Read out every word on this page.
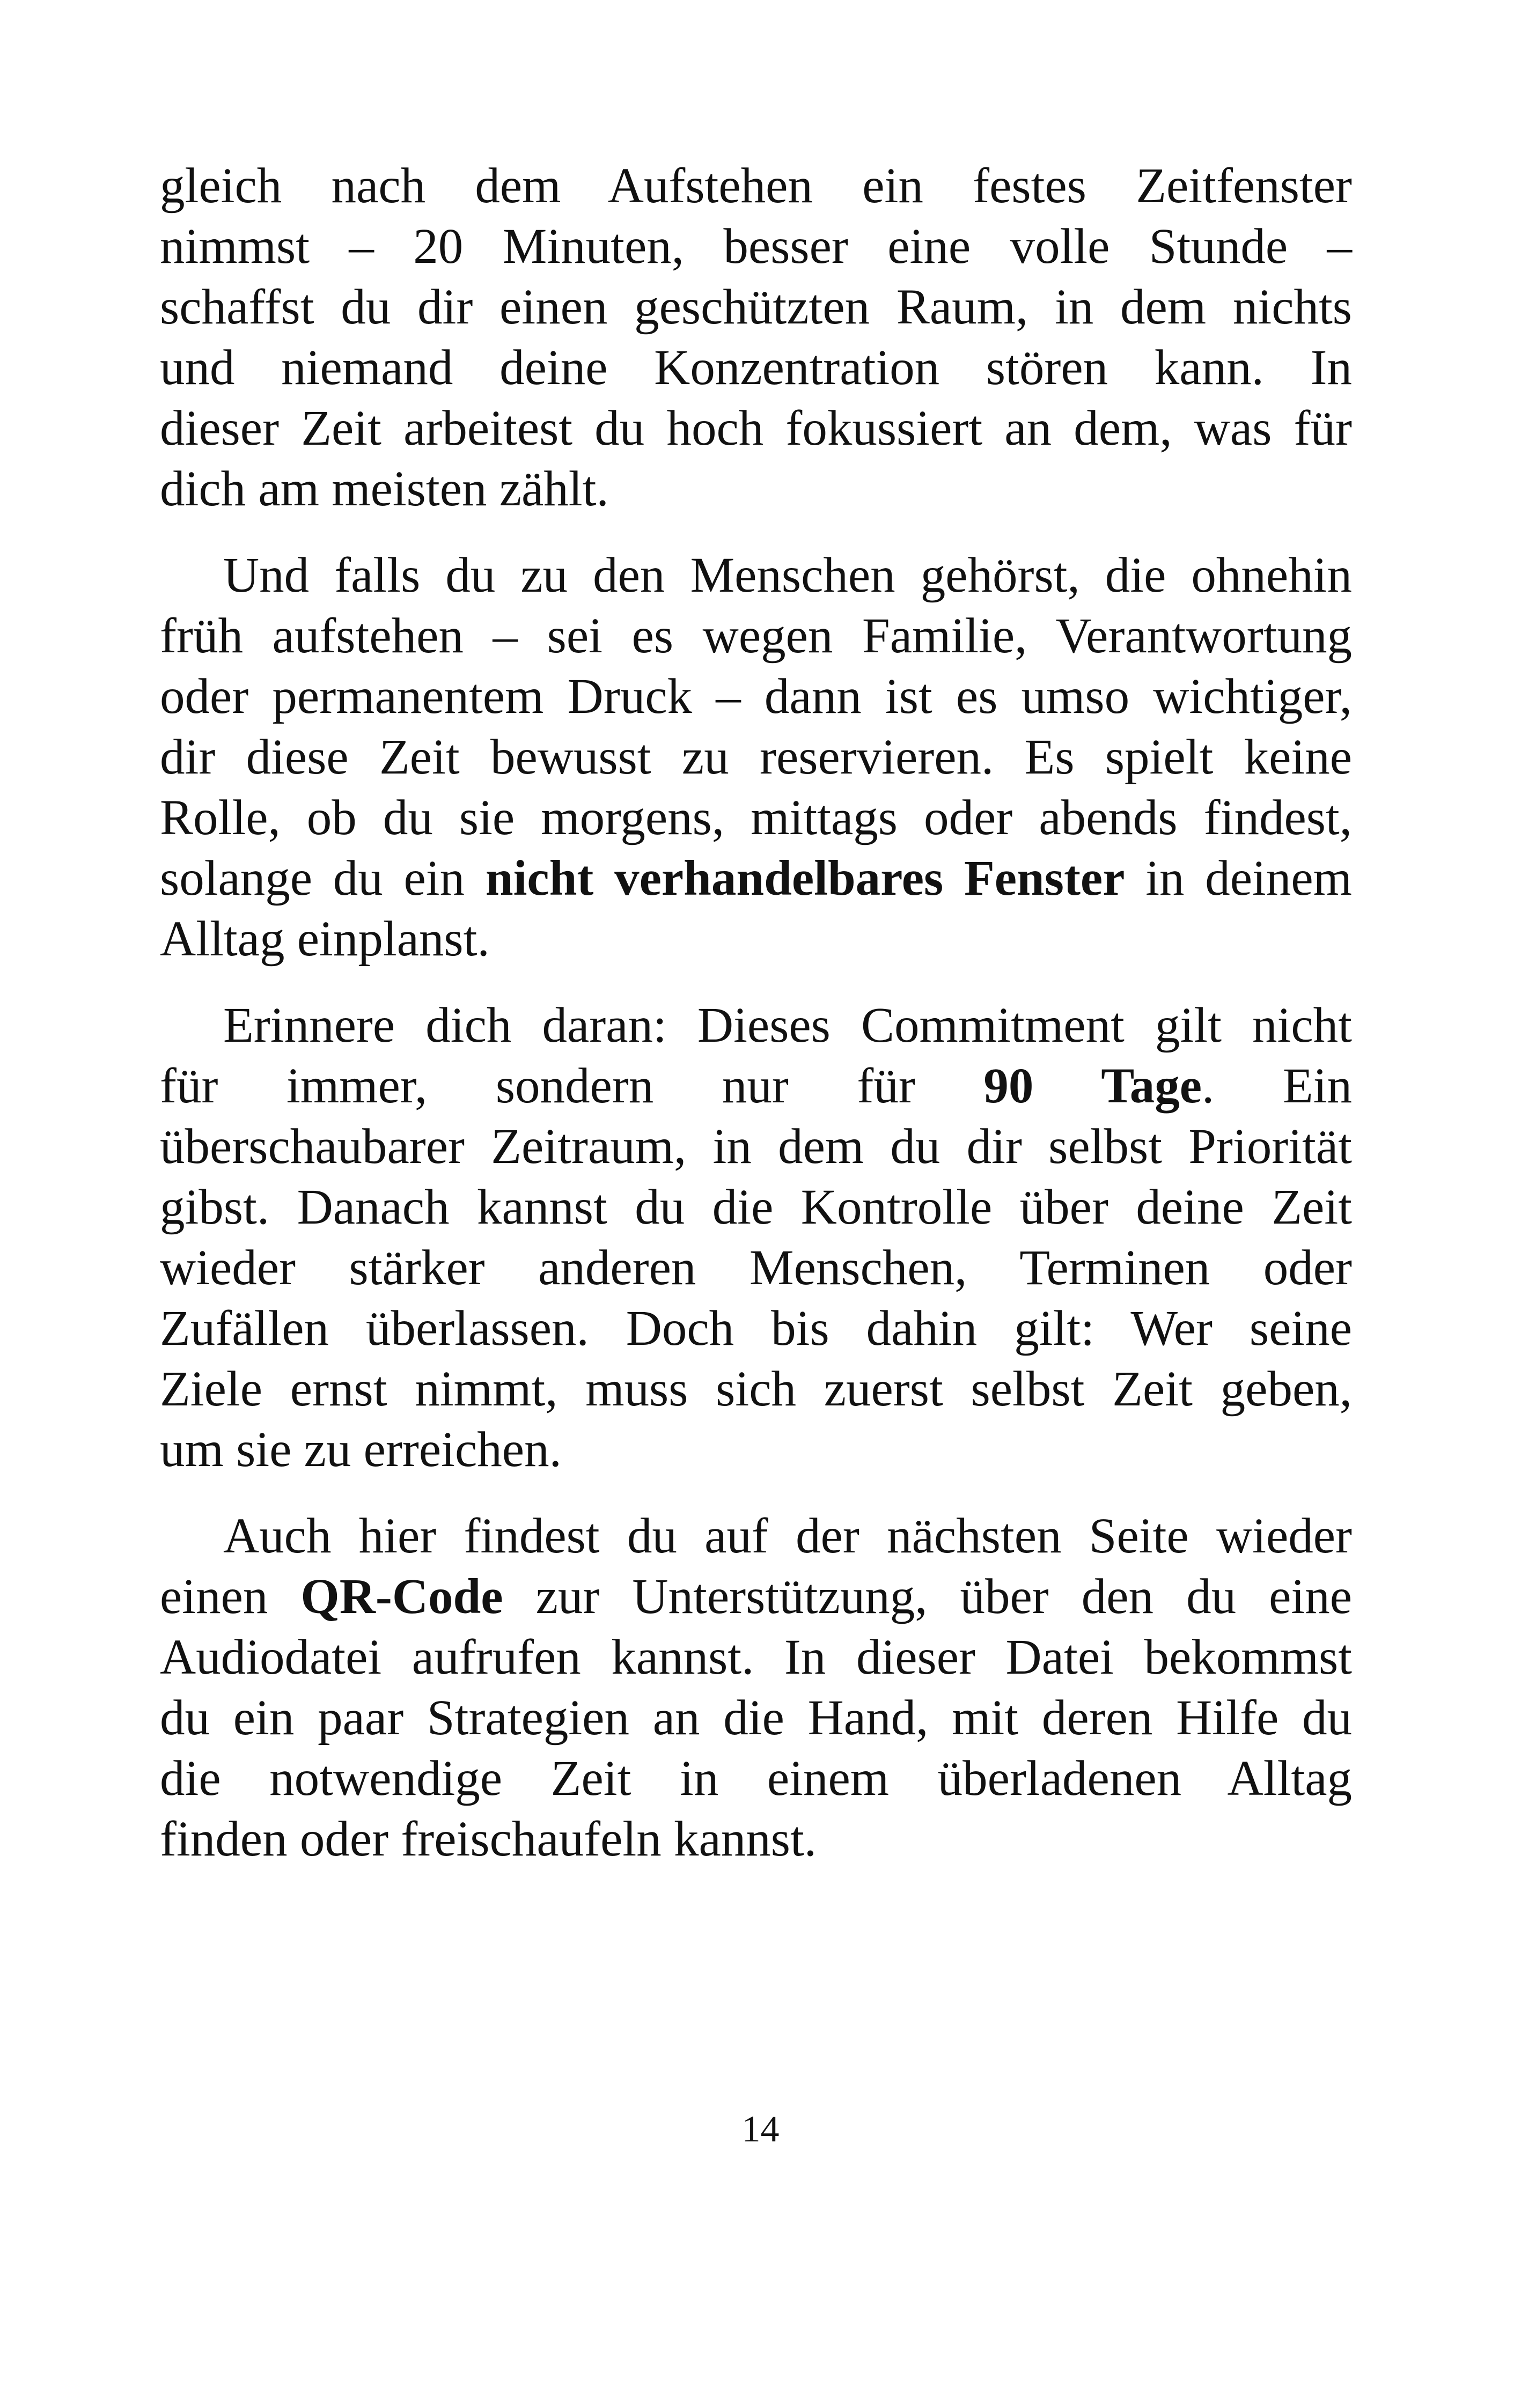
gleich nach dem Aufstehen ein festes Zeitfenster
nimmst – 20 Minuten, besser eine volle Stunde –
schaffst du dir einen geschützten Raum, in dem nichts
und niemand deine Konzentration stören kann. In
dieser Zeit arbeitest du hoch fokussiert an dem, was für
dich am meisten zählt.

Und falls du zu den Menschen gehörst, die ohnehin
früh aufstehen – sei es wegen Familie, Verantwortung
oder permanentem Druck – dann ist es umso wichtiger,
dir diese Zeit bewusst zu reservieren. Es spielt keine
Rolle, ob du sie morgens, mittags oder abends findest,
solange du ein nicht verhandelbares Fenster in deinem
Alltag einplanst.

Erinnere dich daran: Dieses Commitment gilt nicht
für immer, sondern nur für 90 Tage. Ein
überschaubarer Zeitraum, in dem du dir selbst Priorität
gibst. Danach kannst du die Kontrolle über deine Zeit
wieder stärker anderen Menschen, Terminen oder
Zufällen überlassen. Doch bis dahin gilt: Wer seine
Ziele ernst nimmt, muss sich zuerst selbst Zeit geben,
um sie zu erreichen.

Auch hier findest du auf der nächsten Seite wieder
einen QR-Code zur Unterstützung, über den du eine
Audiodatei aufrufen kannst. In dieser Datei bekommst
du ein paar Strategien an die Hand, mit deren Hilfe du
die notwendige Zeit in einem überladenen Alltag
finden oder freischaufeln kannst.

14
